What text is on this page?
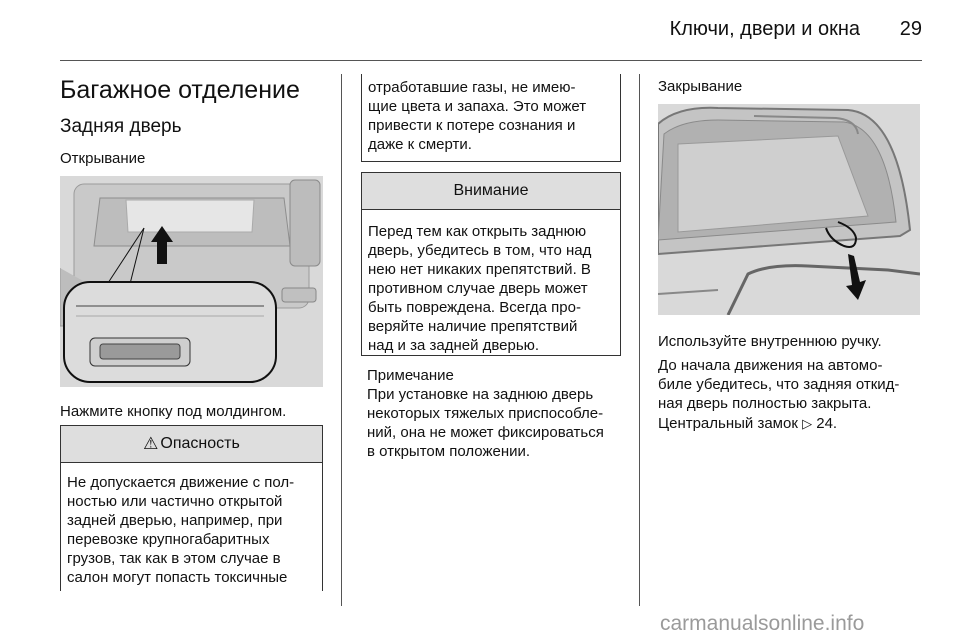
Ключи, двери и окна	29
Багажное отделение
Задняя дверь
Открывание
Нажмите кнопку под молдингом.
⚠ Опасность
Не допускается движение с пол-
ностью или частично открытой
задней дверью, например, при
перевозке крупногабаритных
грузов, так как в этом случае в
салон могут попасть токсичные
отработавшие газы, не имею-
щие цвета и запаха. Это может
привести к потере сознания и
даже к смерти.
Внимание
Перед тем как открыть заднюю
дверь, убедитесь в том, что над
нею нет никаких препятствий. В
противном случае дверь может
быть повреждена. Всегда про-
веряйте наличие препятствий
над и за задней дверью.
Примечание
При установке на заднюю дверь
некоторых тяжелых приспособле-
ний, она не может фиксироваться
в открытом положении.
Закрывание
Используйте внутреннюю ручку.
До начала движения на автомо-
биле убедитесь, что задняя откид-
ная дверь полностью закрыта.
Центральный замок ▷ 24.
carmanualsonline.info
